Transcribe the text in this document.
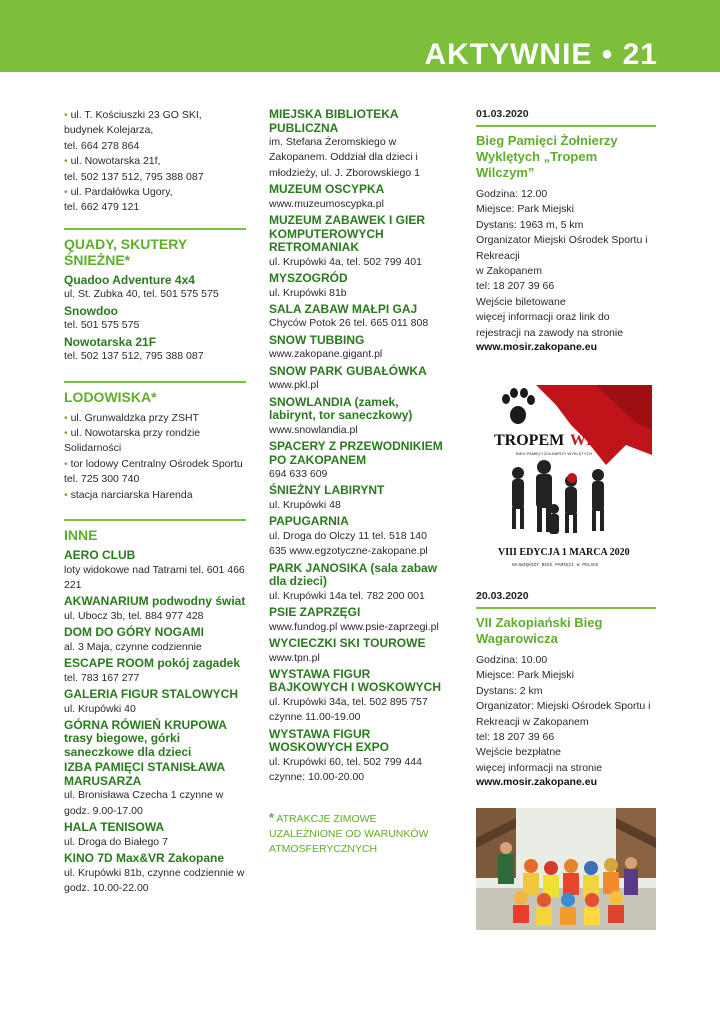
AKTYWNIE • 21
• ul. T. Kościuszki 23 GO SKI,
budynek Kolejarza,
tel. 664 278 864
• ul. Nowotarska 21f,
tel. 502 137 512, 795 388 087
• ul. Pardałówka Ugory,
tel. 662 479 121
QUADY, SKUTERY ŚNIEŻNE*
Quadoo Adventure 4x4
ul. St. Zubka 40, tel. 501 575 575
Snowdoo
tel. 501 575 575
Nowotarska 21F
tel. 502 137 512, 795 388 087
LODOWISKA*
• ul. Grunwaldzka przy ZSHT
• ul. Nowotarska przy rondzie Solidarności
• tor lodowy Centralny Ośrodek Sportu tel. 725 300 740
• stacja narciarska Harenda
INNE
AERO CLUB
loty widokowe nad Tatrami tel. 601 466 221
AKWANARIUM podwodny świat
ul. Ubocz 3b, tel. 884 977 428
DOM DO GÓRY NOGAMI
al. 3 Maja, czynne codziennie
ESCAPE ROOM pokój zagadek
tel. 783 167 277
GALERIA FIGUR STALOWYCH
ul. Krupówki 40
GÓRNA RÓWIEŃ KRUPOWA trasy biegowe, górki saneczkowe dla dzieci
IZBA PAMIĘCI STANISŁAWA MARUSARZA
ul. Bronisława Czecha 1 czynne w godz. 9.00-17.00
HALA TENISOWA
ul. Droga do Białego 7
KINO 7D Max&VR Zakopane
ul. Krupówki 81b, czynne codziennie w godz. 10.00-22.00
MIEJSKA BIBLIOTEKA PUBLICZNA
im. Stefana Żeromskiego w Zakopanem. Oddział dla dzieci i młodzieży, ul. J. Zborowskiego 1
MUZEUM OSCYPKA
www.muzeumoscypka.pl
MUZEUM ZABAWEK I GIER KOMPUTEROWYCH RETROMANIAK
ul. Krupówki 4a, tel. 502 799 401
MYSZOGRÓD
ul. Krupówki 81b
SALA ZABAW MAŁPI GAJ
Chyców Potok 26 tel. 665 011 808
SNOW TUBBING
www.zakopane.gigant.pl
SNOW PARK GUBAŁÓWKA
www.pkl.pl
SNOWLANDIA (zamek, labirynt, tor saneczkowy)
www.snowlandia.pl
SPACERY Z PRZEWODNIKIEM PO ZAKOPANEM
694 633 609
ŚNIEŻNY LABIRYNT
ul. Krupówki 48
PAPUGARNIA
ul. Droga do Olczy 11 tel. 518 140 635 www.egzotyczne-zakopane.pl
PARK JANOSIKA (sala zabaw dla dzieci)
ul. Krupówki 14a tel. 782 200 001
PSIE ZAPRZĘGI
www.fundog.pl www.psie-zaprzegi.pl
WYCIECZKI SKI TOUROWE
www.tpn.pl
WYSTAWA FIGUR BAJKOWYCH I WOSKOWYCH
ul. Krupówki 34a, tel. 502 895 757 czynne 11.00-19.00
WYSTAWA FIGUR WOSKOWYCH EXPO
ul. Krupówki 60, tel. 502 799 444 czynne: 10.00-20.00
* ATRAKCJE ZIMOWE UZALEŻNIONE OD WARUNKÓW ATMOSFERYCZNYCH
01.03.2020
Bieg Pamięci Żołnierzy Wyklętych „Tropem Wilczym”
Godzina: 12.00
Miejsce: Park Miejski
Dystans: 1963 m, 5 km
Organizator Miejski Ośrodek Sportu i Rekreacji
w Zakopanem
tel: 18 207 39 66
Wejście biletowane
więcej informacji oraz link do rejestracji na zawody na stronie
www.mosir.zakopane.eu
TROPEM WILCZYM
BIEG PAMIĘCI ŻOŁNIERZY WYKLĘTYCH
VIII EDYCJA 1 MARCA 2020
NAJWIĘKSZY BIEG PAMIĘCI W POLSCE
20.03.2020
VII Zakopiański Bieg Wagarowicza
Godzina: 10.00
Miejsce: Park Miejski
Dystans: 2 km
Organizator: Miejski Ośrodek Sportu i Rekreacji w Zakopanem
tel: 18 207 39 66
Wejście bezpłatne
więcej informacji na stronie
www.mosir.zakopane.eu
